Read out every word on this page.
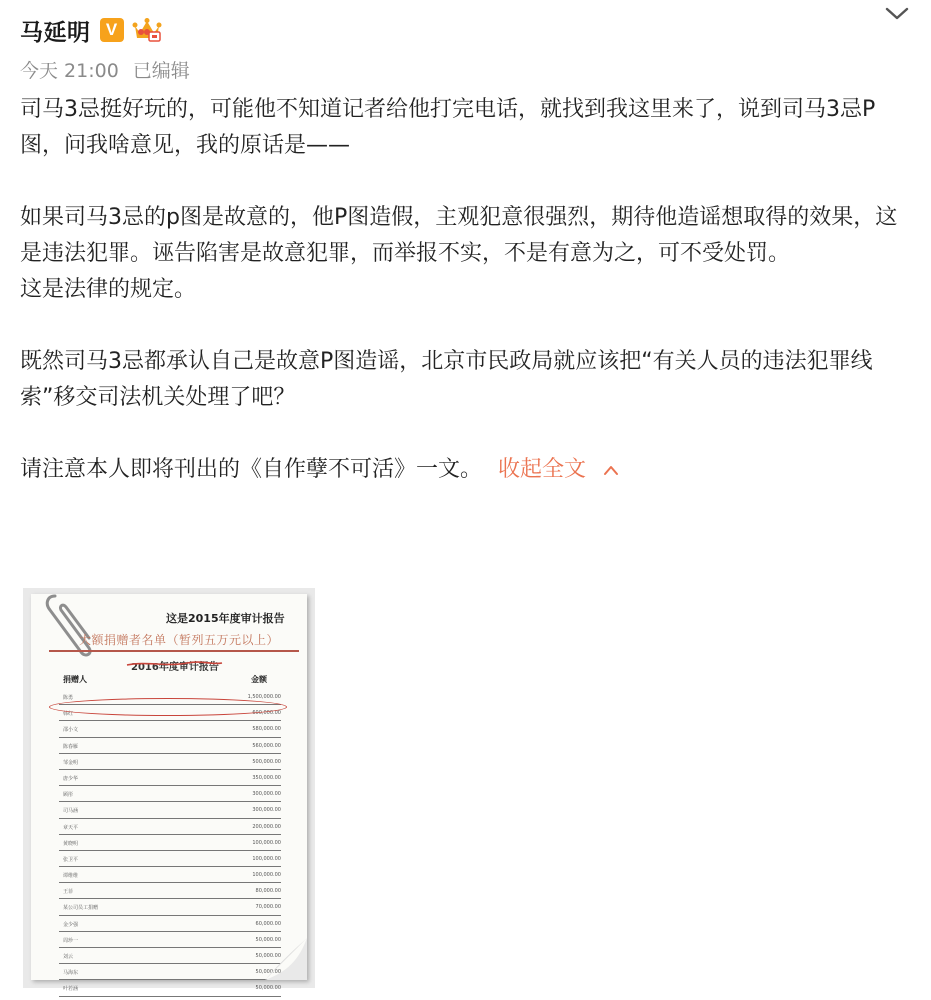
马延明 V
今天 21:00 已编辑

司马3忌挺好玩的，可能他不知道记者给他打完电话，就找到我这里来了，说到司马3忌P图，问我啥意见，我的原话是——

如果司马3忌的p图是故意的，他P图造假，主观犯意很强烈，期待他造谣想取得的效果，这是违法犯罪。诬告陷害是故意犯罪，而举报不实，不是有意为之，可不受处罚。

这是法律的规定。

既然司马3忌都承认自己是故意P图造谣，北京市民政局就应该把“有关人员的违法犯罪线索”移交司法机关处理了吧？

请注意本人即将刊出的《自作孽不可活》一文。 收起全文

这是2015年度审计报告
大额捐赠者名单（暂列五万元以上）
2016年度审计报告
捐赠人	金额
陈勇	1,500,000.00
韩红	600,000.00
邵小文	580,000.00
陈春雁	560,000.00
邹金明	500,000.00
唐少华	350,000.00
顾彤	300,000.00
司马涵	300,000.00
章天平	200,000.00
黄晓明	100,000.00
张卫平	100,000.00
谭维维	100,000.00
王菲	80,000.00
某公司员工捐赠	70,000.00
金少强	60,000.00
周珍一	50,000.00
刘云	50,000.00
马海东	50,000.00
叶若涵	50,000.00
